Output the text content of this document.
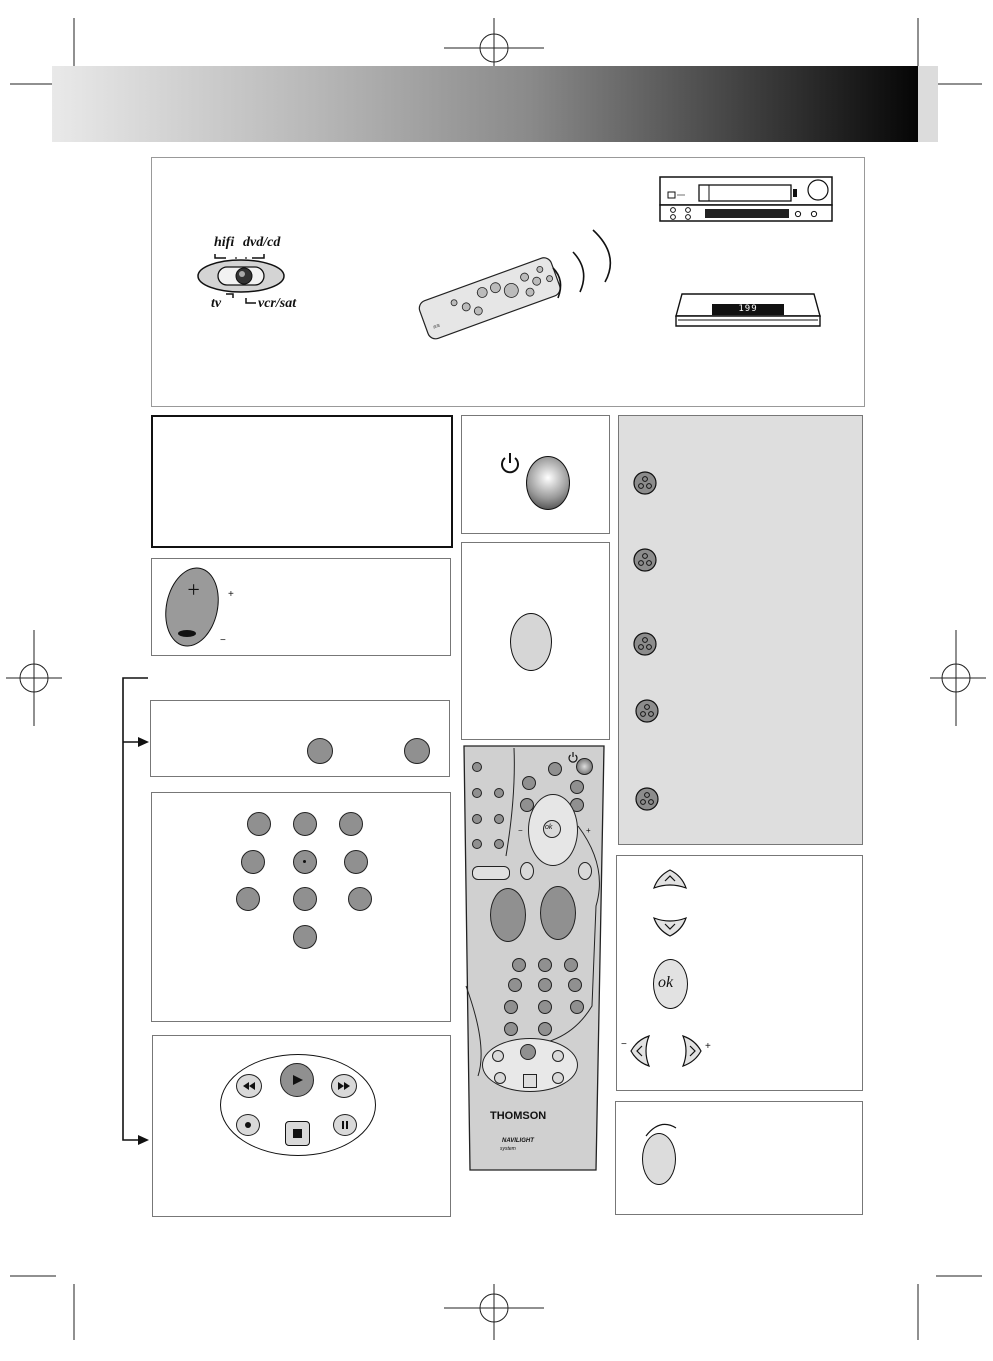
hifi dvd/cd
tv	vcr/sat
≡≡
199
+	+
−
ok
−	+
ok
−	+
THOMSON
NAVILIGHT
system
